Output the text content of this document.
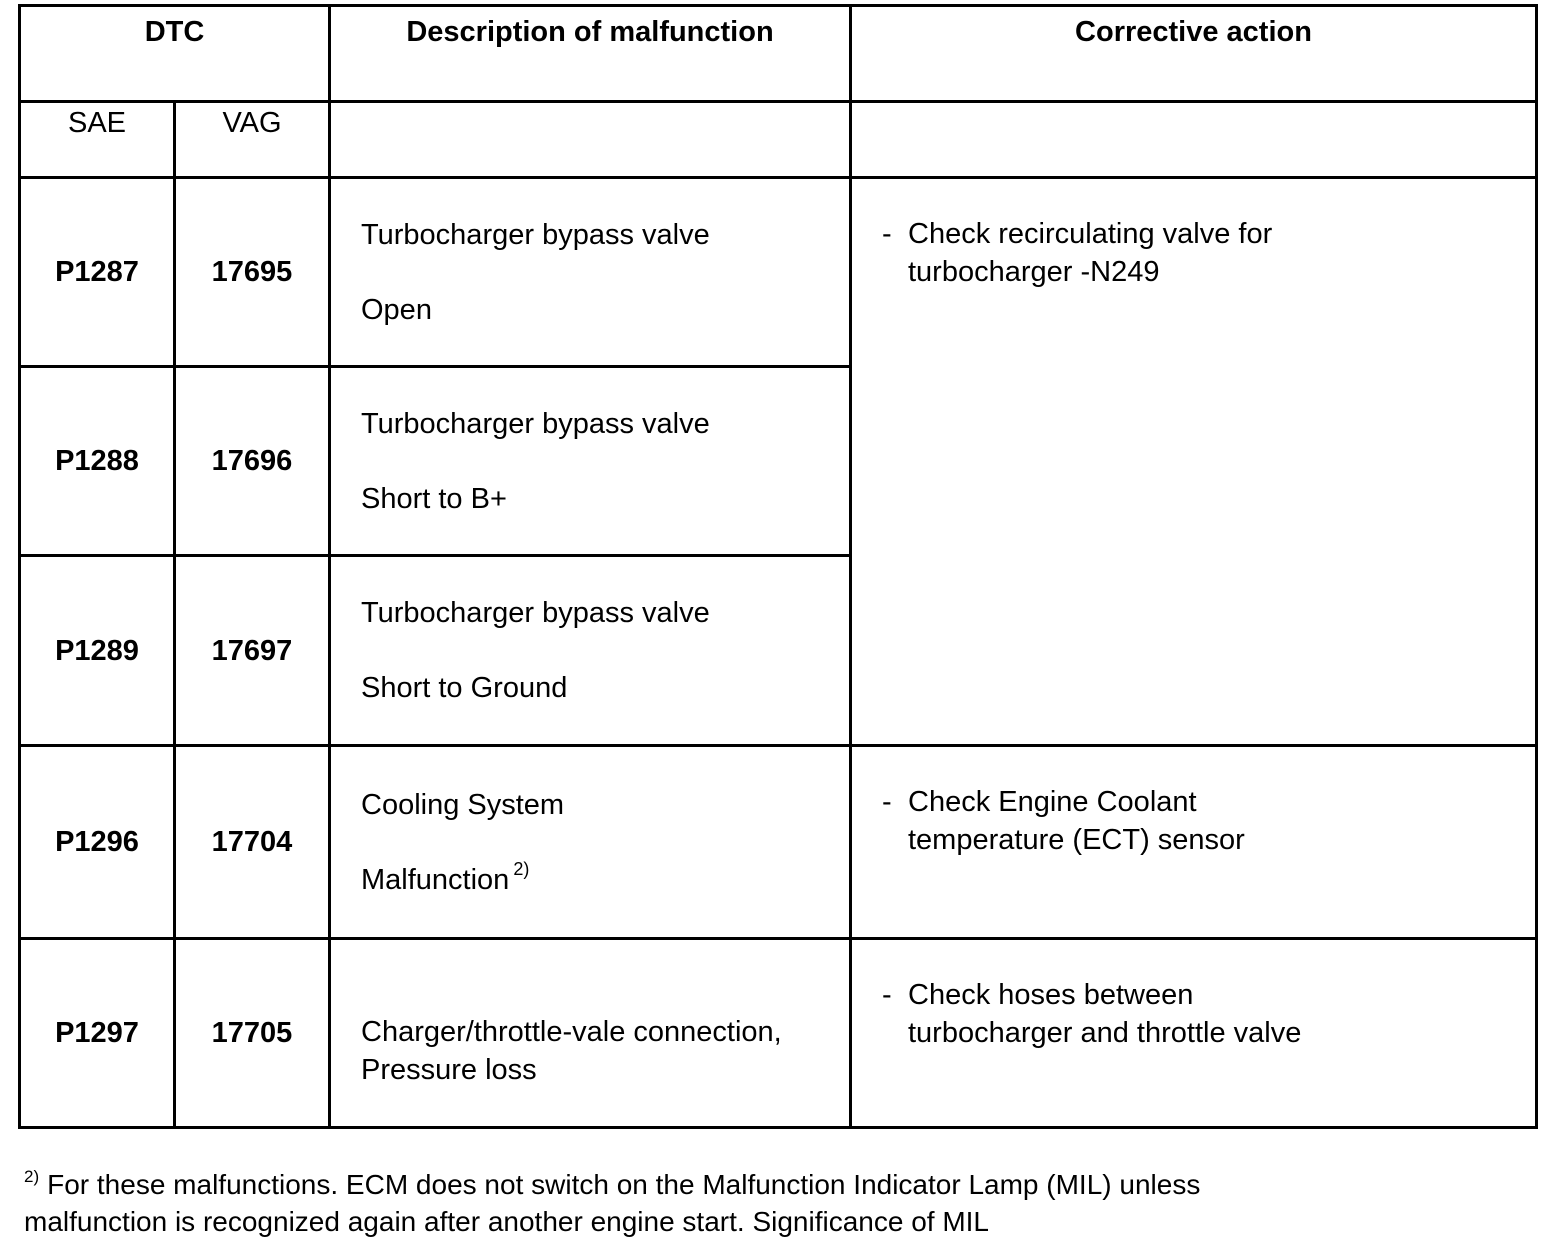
DTC		Description of malfunction	Corrective action
SAE	VAG		
P1287	17695	Turbocharger bypass valve
Open	- Check recirculating valve for
turbocharger -N249

P1288	17696	Turbocharger bypass valve
Short to B+	

P1289	17697	Turbocharger bypass valve
Short to Ground	

P1296	17704	Cooling System
Malfunction $^{2)}$	- Check Engine Coolant
temperature (ECT) sensor

P1297	17705	Charger/throttle-vale connection,
Pressure loss	- Check hoses between
turbocharger and throttle valve
$^{2)}$ For these malfunctions. ECM does not switch on the Malfunction Indicator Lamp (MIL) unless
malfunction is recognized again after another engine start. Significance of MIL
